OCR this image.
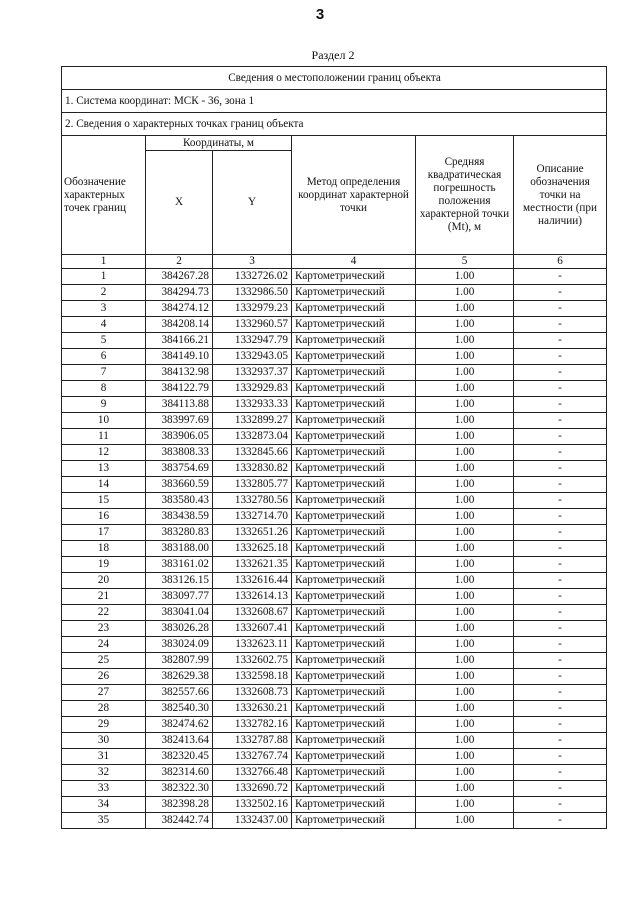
3
Раздел 2
Сведения о местоположении границ объекта					
1. Система координат: МСК - 36, зона 1					
2. Сведения о характерных точках границ объекта					
Обозначение характерных точек границ	Координаты, м		Метод определения координат характерной точки	Средняя квадратическая погрешность положения характерной точки (Mt), м	Описание обозначения точки на местности (при наличии)
	X	Y			
1	2	3	4	5	6
1	384267.28	1332726.02	Картометрический	1.00	-
2	384294.73	1332986.50	Картометрический	1.00	-
3	384274.12	1332979.23	Картометрический	1.00	-
4	384208.14	1332960.57	Картометрический	1.00	-
5	384166.21	1332947.79	Картометрический	1.00	-
6	384149.10	1332943.05	Картометрический	1.00	-
7	384132.98	1332937.37	Картометрический	1.00	-
8	384122.79	1332929.83	Картометрический	1.00	-
9	384113.88	1332933.33	Картометрический	1.00	-
10	383997.69	1332899.27	Картометрический	1.00	-
11	383906.05	1332873.04	Картометрический	1.00	-
12	383808.33	1332845.66	Картометрический	1.00	-
13	383754.69	1332830.82	Картометрический	1.00	-
14	383660.59	1332805.77	Картометрический	1.00	-
15	383580.43	1332780.56	Картометрический	1.00	-
16	383438.59	1332714.70	Картометрический	1.00	-
17	383280.83	1332651.26	Картометрический	1.00	-
18	383188.00	1332625.18	Картометрический	1.00	-
19	383161.02	1332621.35	Картометрический	1.00	-
20	383126.15	1332616.44	Картометрический	1.00	-
21	383097.77	1332614.13	Картометрический	1.00	-
22	383041.04	1332608.67	Картометрический	1.00	-
23	383026.28	1332607.41	Картометрический	1.00	-
24	383024.09	1332623.11	Картометрический	1.00	-
25	382807.99	1332602.75	Картометрический	1.00	-
26	382629.38	1332598.18	Картометрический	1.00	-
27	382557.66	1332608.73	Картометрический	1.00	-
28	382540.30	1332630.21	Картометрический	1.00	-
29	382474.62	1332782.16	Картометрический	1.00	-
30	382413.64	1332787.88	Картометрический	1.00	-
31	382320.45	1332767.74	Картометрический	1.00	-
32	382314.60	1332766.48	Картометрический	1.00	-
33	382322.30	1332690.72	Картометрический	1.00	-
34	382398.28	1332502.16	Картометрический	1.00	-
35	382442.74	1332437.00	Картометрический	1.00	-
